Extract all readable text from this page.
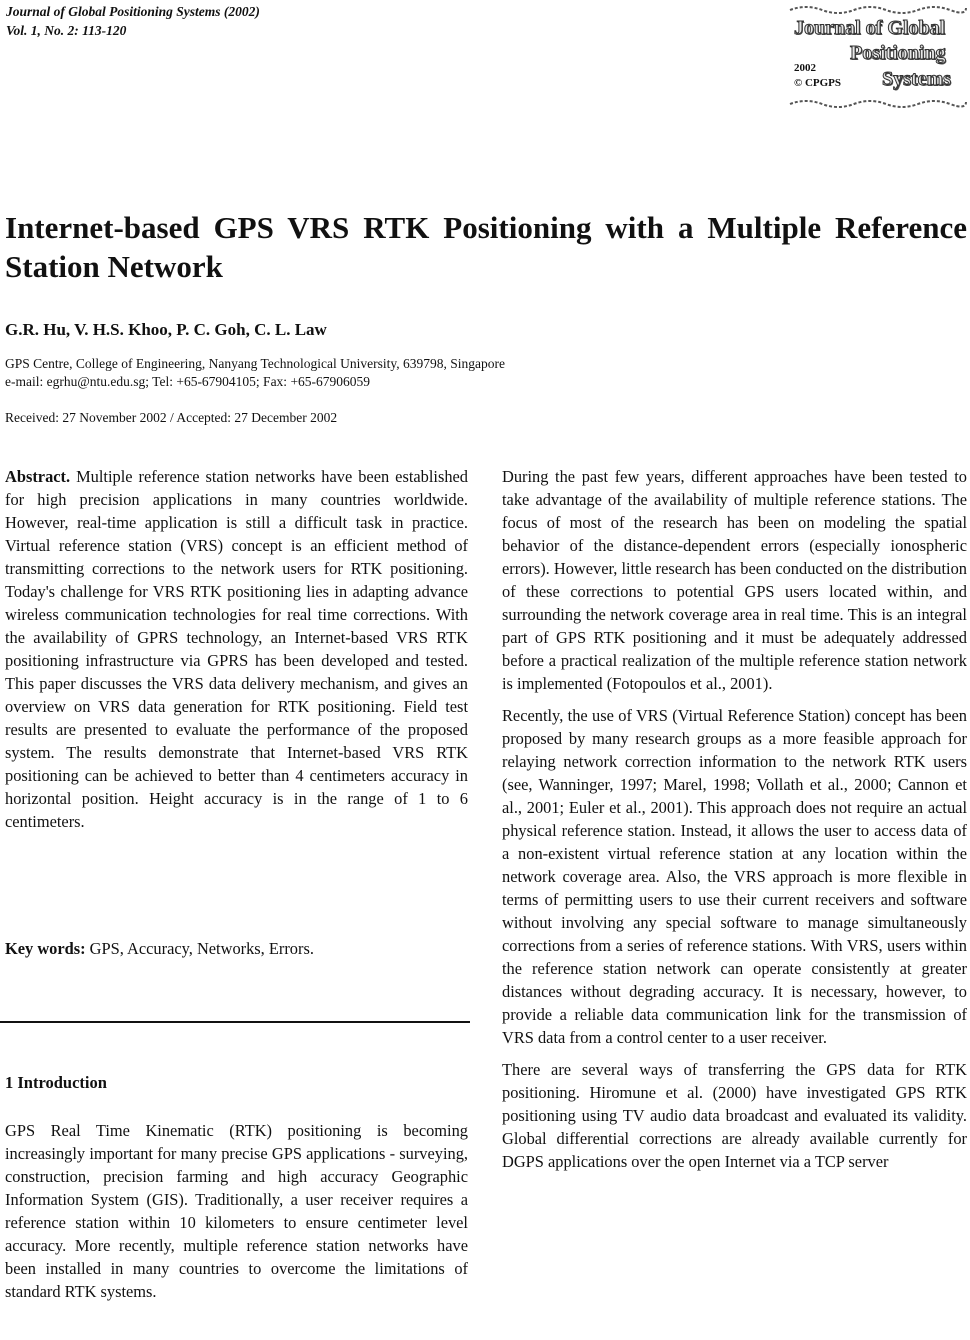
Journal of Global Positioning Systems (2002)
Vol. 1, No. 2: 113-120	Journal of Global
Positioning
Systems
2002
© CPGPS
Internet-based GPS VRS RTK Positioning with a Multiple Reference Station Network
G.R. Hu, V. H.S. Khoo, P. C. Goh, C. L. Law
GPS Centre, College of Engineering, Nanyang Technological University, 639798, Singapore
e-mail: egrhu@ntu.edu.sg; Tel: +65-67904105; Fax: +65-67906059
Received: 27 November 2002 / Accepted: 27 December 2002

Abstract. Multiple reference station networks have been established for high precision applications in many countries worldwide. However, real-time application is still a difficult task in practice. Virtual reference station (VRS) concept is an efficient method of transmitting corrections to the network users for RTK positioning. Today's challenge for VRS RTK positioning lies in adapting advance wireless communication technologies for real time corrections. With the availability of GPRS technology, an Internet-based VRS RTK positioning infrastructure via GPRS has been developed and tested. This paper discusses the VRS data delivery mechanism, and gives an overview on VRS data generation for RTK positioning. Field test results are presented to evaluate the performance of the proposed system. The results demonstrate that Internet-based VRS RTK positioning can be achieved to better than 4 centimeters accuracy in horizontal position. Height accuracy is in the range of 1 to 6 centimeters.

Key words: GPS, Accuracy, Networks, Errors.

1 Introduction

GPS Real Time Kinematic (RTK) positioning is becoming increasingly important for many precise GPS applications - surveying, construction, precision farming and high accuracy Geographic Information System (GIS). Traditionally, a user receiver requires a reference station within 10 kilometers to ensure centimeter level accuracy. More recently, multiple reference station networks have been installed in many countries to overcome the limitations of standard RTK systems.

During the past few years, different approaches have been tested to take advantage of the availability of multiple reference stations. The focus of most of the research has been on modeling the spatial behavior of the distance-dependent errors (especially ionospheric errors). However, little research has been conducted on the distribution of these corrections to potential GPS users located within, and surrounding the network coverage area in real time. This is an integral part of GPS RTK positioning and it must be adequately addressed before a practical realization of the multiple reference station network is implemented (Fotopoulos et al., 2001).

Recently, the use of VRS (Virtual Reference Station) concept has been proposed by many research groups as a more feasible approach for relaying network correction information to the network RTK users (see, Wanninger, 1997; Marel, 1998; Vollath et al., 2000; Cannon et al., 2001; Euler et al., 2001). This approach does not require an actual physical reference station. Instead, it allows the user to access data of a non-existent virtual reference station at any location within the network coverage area. Also, the VRS approach is more flexible in terms of permitting users to use their current receivers and software without involving any special software to manage simultaneously corrections from a series of reference stations. With VRS, users within the reference station network can operate consistently at greater distances without degrading accuracy. It is necessary, however, to provide a reliable data communication link for the transmission of VRS data from a control center to a user receiver.

There are several ways of transferring the GPS data for RTK positioning. Hiromune et al. (2000) have investigated GPS RTK positioning using TV audio data broadcast and evaluated its validity. Global differential corrections are already available currently for DGPS applications over the open Internet via a TCP server
